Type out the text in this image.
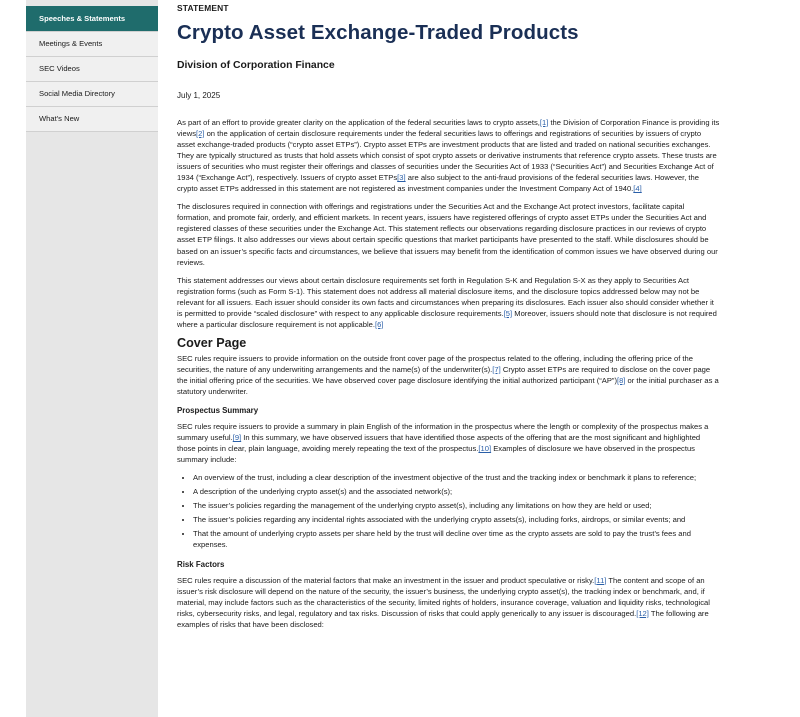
Speeches & Statements
Meetings & Events
SEC Videos
Social Media Directory
What's New
STATEMENT
Crypto Asset Exchange-Traded Products
Division of Corporation Finance
July 1, 2025

As part of an effort to provide greater clarity on the application of the federal securities laws to crypto assets,[1] the Division of Corporation Finance is providing its views[2] on the application of certain disclosure requirements under the federal securities laws to offerings and registrations of securities by issuers of crypto asset exchange-traded products (“crypto asset ETPs”). Crypto asset ETPs are investment products that are listed and traded on national securities exchanges. They are typically structured as trusts that hold assets which consist of spot crypto assets or derivative instruments that reference crypto assets. These trusts are issuers of securities who must register their offerings and classes of securities under the Securities Act of 1933 (“Securities Act”) and Securities Exchange Act of 1934 (“Exchange Act”), respectively. Issuers of crypto asset ETPs[3] are also subject to the anti-fraud provisions of the federal securities laws. However, the crypto asset ETPs addressed in this statement are not registered as investment companies under the Investment Company Act of 1940.[4]

The disclosures required in connection with offerings and registrations under the Securities Act and the Exchange Act protect investors, facilitate capital formation, and promote fair, orderly, and efficient markets. In recent years, issuers have registered offerings of crypto asset ETPs under the Securities Act and registered classes of these securities under the Exchange Act. This statement reflects our observations regarding disclosure practices in our reviews of crypto asset ETP filings. It also addresses our views about certain specific questions that market participants have presented to the staff. While disclosures should be based on an issuer’s specific facts and circumstances, we believe that issuers may benefit from the identification of common issues we have observed during our reviews.

This statement addresses our views about certain disclosure requirements set forth in Regulation S-K and Regulation S-X as they apply to Securities Act registration forms (such as Form S-1). This statement does not address all material disclosure items, and the disclosure topics addressed below may not be relevant for all issuers. Each issuer should consider its own facts and circumstances when preparing its disclosures. Each issuer also should consider whether it is permitted to provide “scaled disclosure” with respect to any applicable disclosure requirements.[5] Moreover, issuers should note that disclosure is not required where a particular disclosure requirement is not applicable.[6]

Cover Page

SEC rules require issuers to provide information on the outside front cover page of the prospectus related to the offering, including the offering price of the securities, the nature of any underwriting arrangements and the name(s) of the underwriter(s).[7] Crypto asset ETPs are required to disclose on the cover page the initial offering price of the securities. We have observed cover page disclosure identifying the initial authorized participant (“AP”)[8] or the initial purchaser as a statutory underwriter.

Prospectus Summary

SEC rules require issuers to provide a summary in plain English of the information in the prospectus where the length or complexity of the prospectus makes a summary useful.[9] In this summary, we have observed issuers that have identified those aspects of the offering that are the most significant and highlighted those points in clear, plain language, avoiding merely repeating the text of the prospectus.[10] Examples of disclosure we have observed in the prospectus summary include:

• An overview of the trust, including a clear description of the investment objective of the trust and the tracking index or benchmark it plans to reference;
• A description of the underlying crypto asset(s) and the associated network(s);
• The issuer’s policies regarding the management of the underlying crypto asset(s), including any limitations on how they are held or used;
• The issuer’s policies regarding any incidental rights associated with the underlying crypto assets(s), including forks, airdrops, or similar events; and
• That the amount of underlying crypto assets per share held by the trust will decline over time as the crypto assets are sold to pay the trust’s fees and expenses.
Risk Factors

SEC rules require a discussion of the material factors that make an investment in the issuer and product speculative or risky.[11] The content and scope of an issuer’s risk disclosure will depend on the nature of the security, the issuer’s business, the underlying crypto asset(s), the tracking index or benchmark, and, if material, may include factors such as the characteristics of the security, limited rights of holders, insurance coverage, valuation and liquidity risks, technological risks, cybersecurity risks, and legal, regulatory and tax risks. Discussion of risks that could apply generically to any issuer is discouraged.[12] The following are examples of risks that have been disclosed:
